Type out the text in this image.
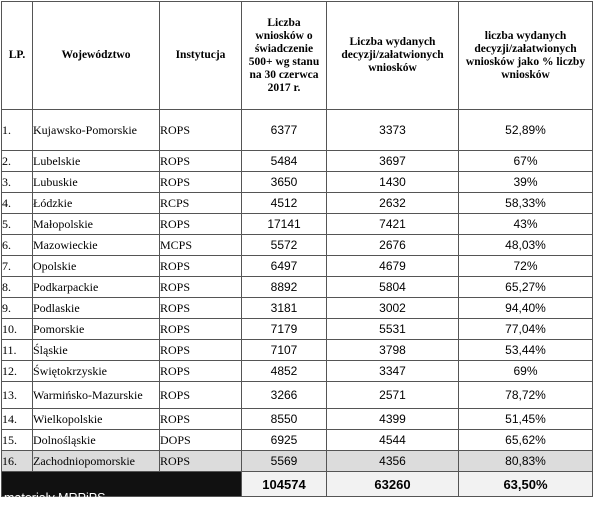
LP.	Województwo	Instytucja	Liczba wniosków o świadczenie 500+ wg stanu na 30 czerwca 2017 r.	Liczba wydanych decyzji/załatwionych wniosków	liczba wydanych decyzji/załatwionych wniosków jako % liczby wniosków
1.	Kujawsko-Pomorskie	ROPS	6377	3373	52,89%
2.	Lubelskie	ROPS	5484	3697	67%
3.	Lubuskie	ROPS	3650	1430	39%
4.	Łódzkie	RCPS	4512	2632	58,33%
5.	Małopolskie	ROPS	17141	7421	43%
6.	Mazowieckie	MCPS	5572	2676	48,03%
7.	Opolskie	ROPS	6497	4679	72%
8.	Podkarpackie	ROPS	8892	5804	65,27%
9.	Podlaskie	ROPS	3181	3002	94,40%
10.	Pomorskie	ROPS	7179	5531	77,04%
11.	Śląskie	ROPS	7107	3798	53,44%
12.	Świętokrzyskie	ROPS	4852	3347	69%
13.	Warmińsko-Mazurskie	ROPS	3266	2571	78,72%
14.	Wielkopolskie	ROPS	8550	4399	51,45%
15.	Dolnośląskie	DOPS	6925	4544	65,62%
16.	Zachodniopomorskie	ROPS	5569	4356	80,83%
			104574	63260	63,50%
materiały MRPiPS
